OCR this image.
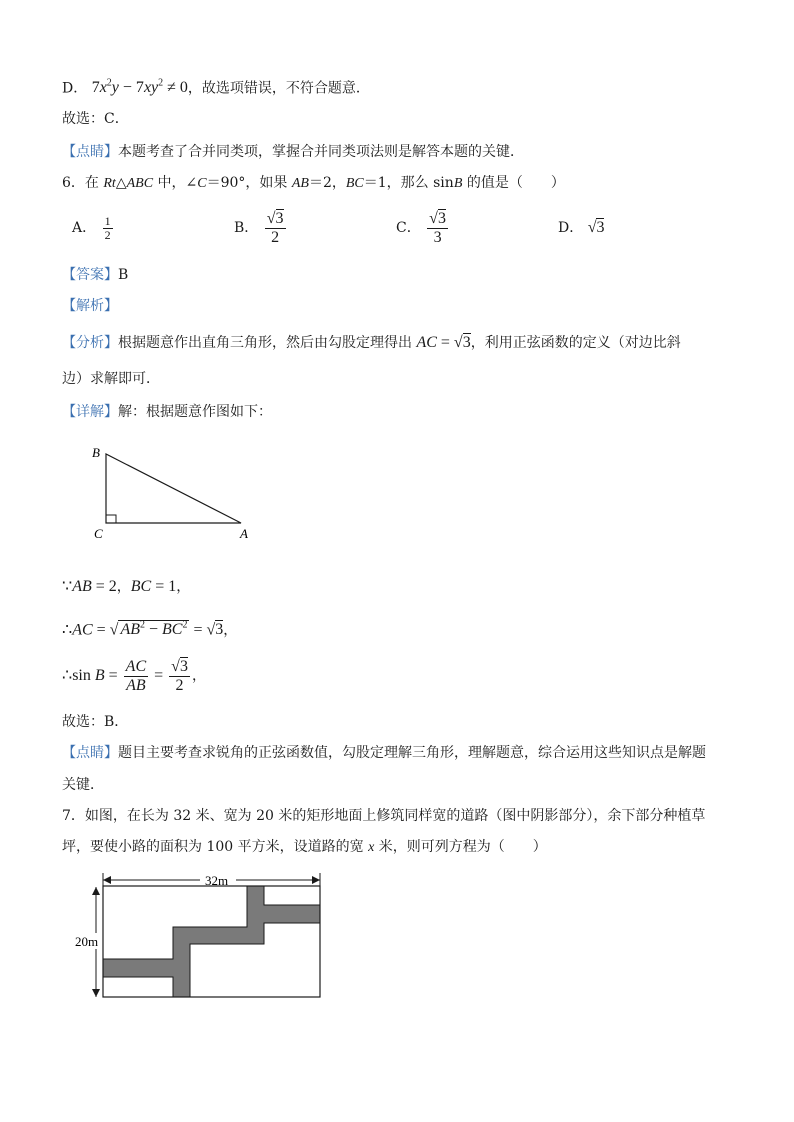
D． $7x^2y - 7xy^2 \ne 0$，故选项错误，不符合题意．
故选：C．
【点睛】本题考查了合并同类项，掌握合并同类项法则是解答本题的关键．
6．在 Rt△ABC 中，∠C＝90°，如果 AB＝2，BC＝1，那么 sinB 的值是（　　）
A． $\frac{1}{2}$	B． $\frac{√3}{2}$	C． $\frac{√3}{3}$	D． √3
【答案】B
【解析】
【分析】根据题意作出直角三角形，然后由勾股定理得出 AC = √3，利用正弦函数的定义（对边比斜
边）求解即可．
【详解】解：根据题意作图如下：
B
C	A
∵AB = 2，BC = 1，
∴AC = √ $AB^2 - BC^2 = √3$，
∴sin $B = \frac{AC}{AB} = \frac{√3}{2}$ ，
故选：B．
【点睛】题目主要考查求锐角的正弦函数值，勾股定理解三角形，理解题意，综合运用这些知识点是解题
关键．
7．如图，在长为 32 米、宽为 20 米的矩形地面上修筑同样宽的道路（图中阴影部分），余下部分种植草
坪，要使小路的面积为 100 平方米，设道路的宽 x 米，则可列方程为（　　）
32m
20m
